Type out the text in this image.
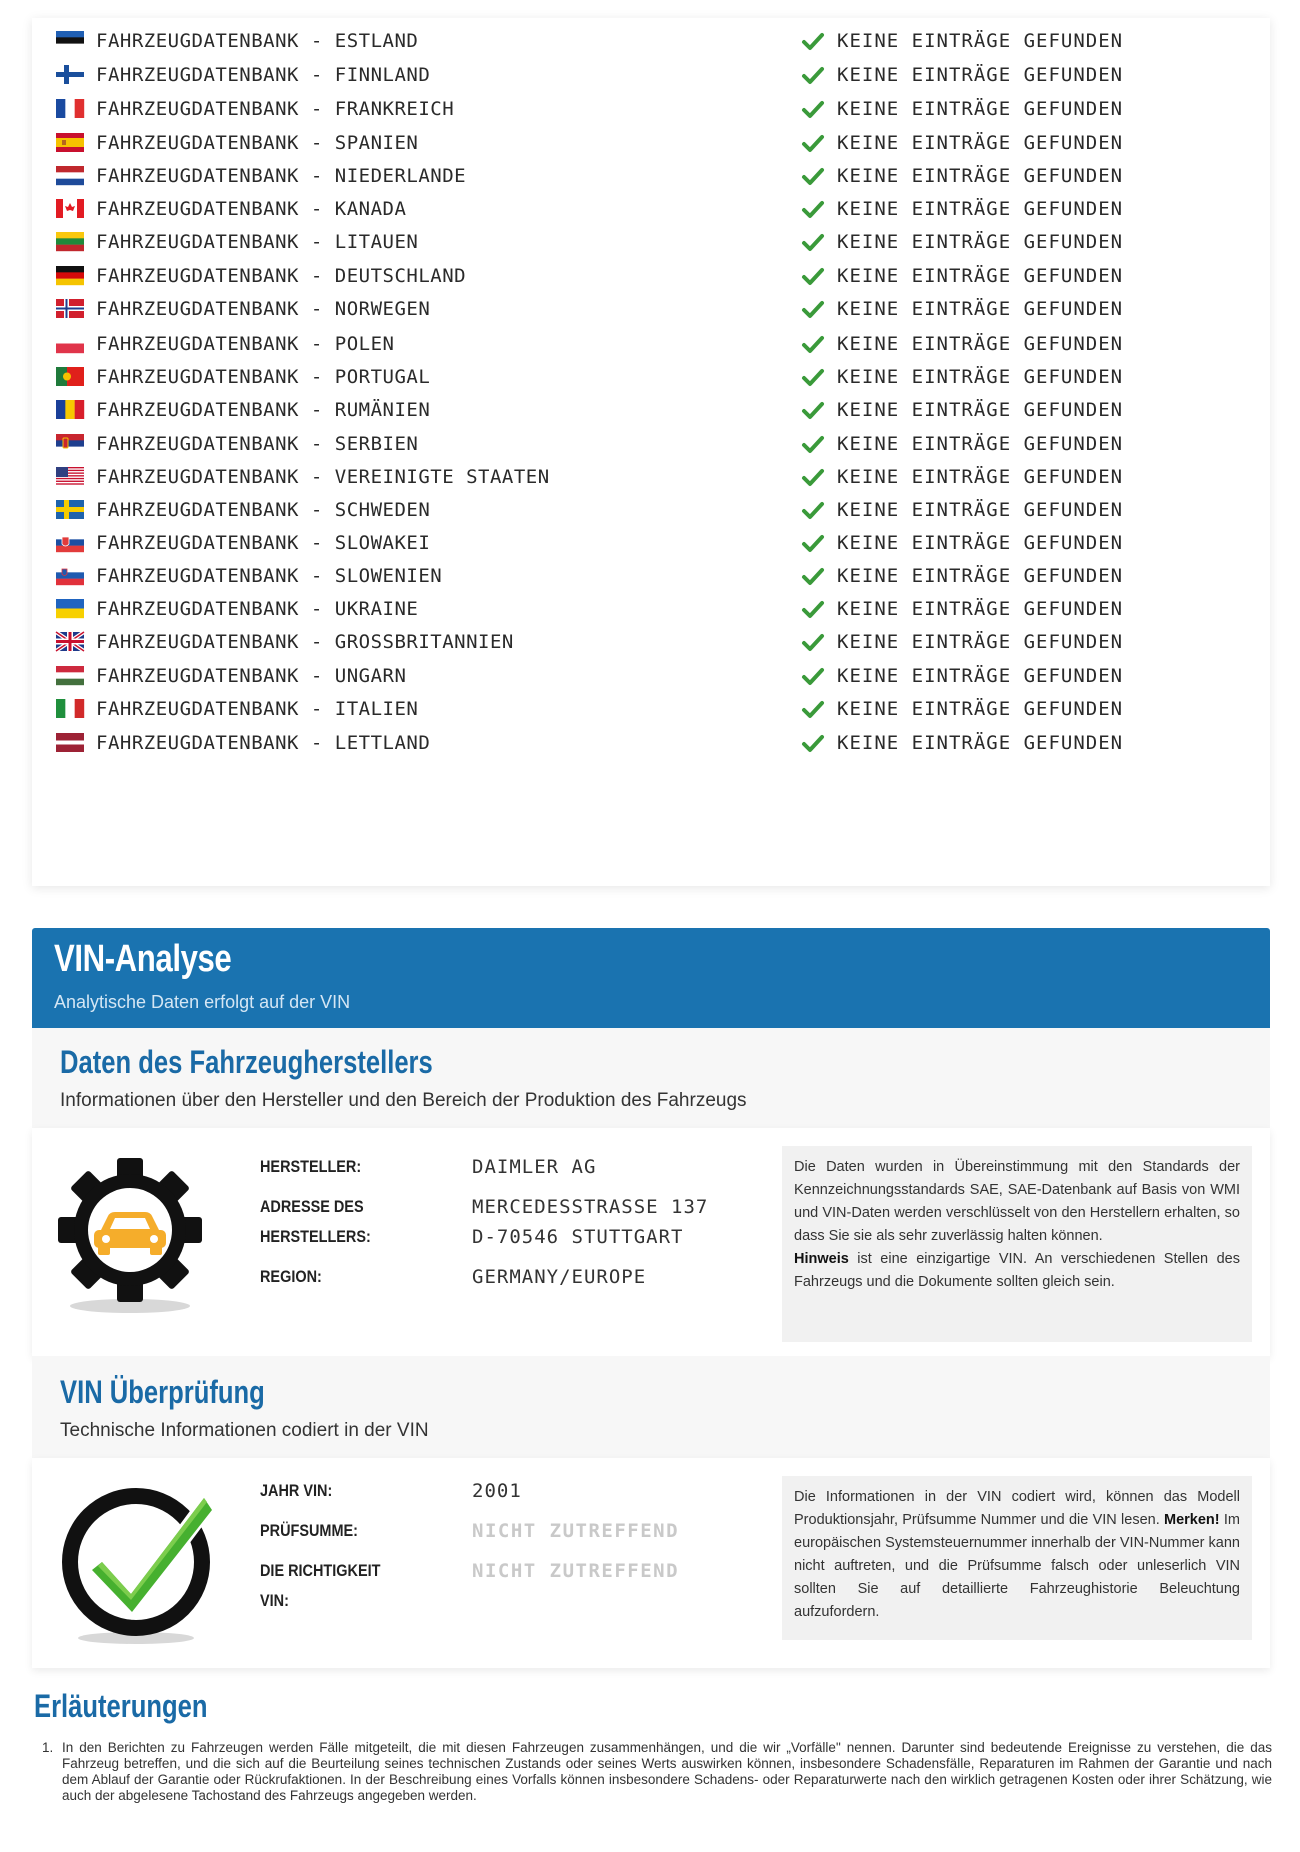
FAHRZEUGDATENBANK - ESTLAND	KEINE EINTRÄGE GEFUNDEN
FAHRZEUGDATENBANK - FINNLAND	KEINE EINTRÄGE GEFUNDEN
FAHRZEUGDATENBANK - FRANKREICH	KEINE EINTRÄGE GEFUNDEN
FAHRZEUGDATENBANK - SPANIEN	KEINE EINTRÄGE GEFUNDEN
FAHRZEUGDATENBANK - NIEDERLANDE	KEINE EINTRÄGE GEFUNDEN
FAHRZEUGDATENBANK - KANADA	KEINE EINTRÄGE GEFUNDEN
FAHRZEUGDATENBANK - LITAUEN	KEINE EINTRÄGE GEFUNDEN
FAHRZEUGDATENBANK - DEUTSCHLAND	KEINE EINTRÄGE GEFUNDEN
FAHRZEUGDATENBANK - NORWEGEN	KEINE EINTRÄGE GEFUNDEN
FAHRZEUGDATENBANK - POLEN	KEINE EINTRÄGE GEFUNDEN
FAHRZEUGDATENBANK - PORTUGAL	KEINE EINTRÄGE GEFUNDEN
FAHRZEUGDATENBANK - RUMÄNIEN	KEINE EINTRÄGE GEFUNDEN
FAHRZEUGDATENBANK - SERBIEN	KEINE EINTRÄGE GEFUNDEN
FAHRZEUGDATENBANK - VEREINIGTE STAATEN	KEINE EINTRÄGE GEFUNDEN
FAHRZEUGDATENBANK - SCHWEDEN	KEINE EINTRÄGE GEFUNDEN
FAHRZEUGDATENBANK - SLOWAKEI	KEINE EINTRÄGE GEFUNDEN
FAHRZEUGDATENBANK - SLOWENIEN	KEINE EINTRÄGE GEFUNDEN
FAHRZEUGDATENBANK - UKRAINE	KEINE EINTRÄGE GEFUNDEN
FAHRZEUGDATENBANK - GROSSBRITANNIEN	KEINE EINTRÄGE GEFUNDEN
FAHRZEUGDATENBANK - UNGARN	KEINE EINTRÄGE GEFUNDEN
FAHRZEUGDATENBANK - ITALIEN	KEINE EINTRÄGE GEFUNDEN
FAHRZEUGDATENBANK - LETTLAND	KEINE EINTRÄGE GEFUNDEN
VIN-Analyse
Analytische Daten erfolgt auf der VIN
Daten des Fahrzeugherstellers
Informationen über den Hersteller und den Bereich der Produktion des Fahrzeugs
HERSTELLER:	DAIMLER AG
ADRESSE DES
HERSTELLERS:
MERCEDESSTRASSE 137
D-70546 STUTTGART
REGION:	GERMANY/EUROPE
Die Daten wurden in Übereinstimmung mit den Standards der Kennzeichnungsstandards SAE, SAE-Datenbank auf Basis von WMI und VIN-Daten werden verschlüsselt von den Herstellern erhalten, so dass Sie sie als sehr zuverlässig halten können.
Hinweis ist eine einzigartige VIN. An verschiedenen Stellen des Fahrzeugs und die Dokumente sollten gleich sein.
VIN Überprüfung
Technische Informationen codiert in der VIN
JAHR VIN:	2001
PRÜFSUMME:	NICHT ZUTREFFEND
DIE RICHTIGKEIT
VIN:
NICHT ZUTREFFEND
Die Informationen in der VIN codiert wird, können das Modell Produktionsjahr, Prüfsumme Nummer und die VIN lesen. Merken! Im europäischen Systemsteuernummer innerhalb der VIN-Nummer kann nicht auftreten, und die Prüfsumme falsch oder unleserlich VIN sollten Sie auf detaillierte Fahrzeughistorie Beleuchtung aufzufordern.
Erläuterungen
1. In den Berichten zu Fahrzeugen werden Fälle mitgeteilt, die mit diesen Fahrzeugen zusammenhängen, und die wir „Vorfälle" nennen. Darunter sind bedeutende Ereignisse zu verstehen, die das Fahrzeug betreffen, und die sich auf die Beurteilung seines technischen Zustands oder seines Werts auswirken können, insbesondere Schadensfälle, Reparaturen im Rahmen der Garantie und nach dem Ablauf der Garantie oder Rückrufaktionen. In der Beschreibung eines Vorfalls können insbesondere Schadens- oder Reparaturwerte nach den wirklich getragenen Kosten oder ihrer Schätzung, wie auch der abgelesene Tachostand des Fahrzeugs angegeben werden.
